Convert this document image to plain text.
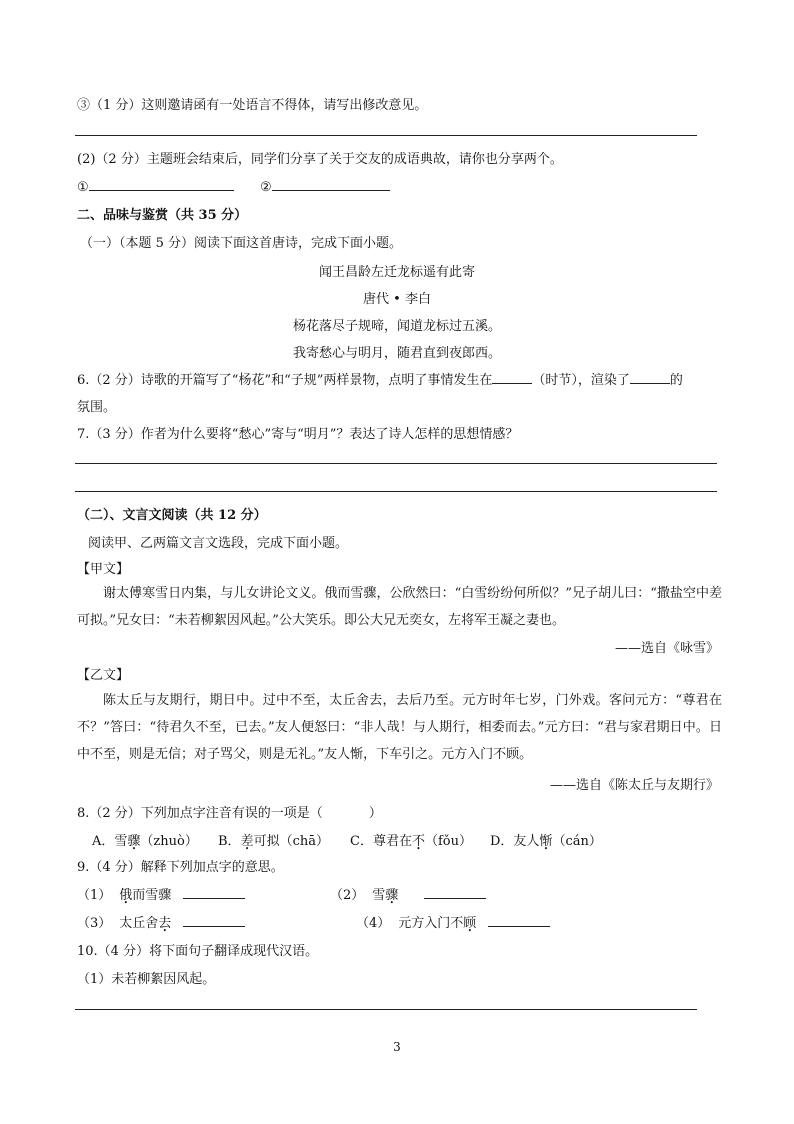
③（1 分）这则邀请函有一处语言不得体，请写出修改意见。
(2)（2 分）主题班会结束后，同学们分享了关于交友的成语典故，请你也分享两个。
①	②
二、品味与鉴赏（共 35 分）
（一）（本题 5 分）阅读下面这首唐诗，完成下面小题。
闻王昌龄左迁龙标遥有此寄
唐代 • 李白
杨花落尽子规啼，闻道龙标过五溪。
我寄愁心与明月，随君直到夜郎西。
6.（2 分）诗歌的开篇写了“杨花”和“子规”两样景物，点明了事情发生在	（时节），渲染了	的
氛围。
7.（3 分）作者为什么要将“愁心”寄与“明月”？表达了诗人怎样的思想情感？
（二）、文言文阅读（共 12 分）
阅读甲、乙两篇文言文选段，完成下面小题。
【甲文】
谢太傅寒雪日内集，与儿女讲论文义。俄而雪骤，公欣然曰：“白雪纷纷何所似？”兄子胡儿曰：“撒盐空中差可拟。”兄女曰：“未若柳絮因风起。”公大笑乐。即公大兄无奕女，左将军王凝之妻也。
——选自《咏雪》
【乙文】
陈太丘与友期行，期日中。过中不至，太丘舍去，去后乃至。元方时年七岁，门外戏。客问元方：“尊君在不？”答曰：“待君久不至，已去。”友人便怒曰：“非人哉！与人期行，相委而去。”元方曰：“君与家君期日中。日中不至，则是无信；对子骂父，则是无礼。”友人惭，下车引之。元方入门不顾。
——选自《陈太丘与友期行》
8.（2 分）下列加点字注音有误的一项是（	）
A．雪骤（zhuò） B．差可拟（chā） C．尊君在不（fǒu） D．友人惭（cán）
9.（4 分）解释下列加点字的意思。
（1） 俄而雪骤	（2） 雪骤
（3） 太丘舍去	（4） 元方入门不顾
10.（4 分）将下面句子翻译成现代汉语。
（1）未若柳絮因风起。
3
